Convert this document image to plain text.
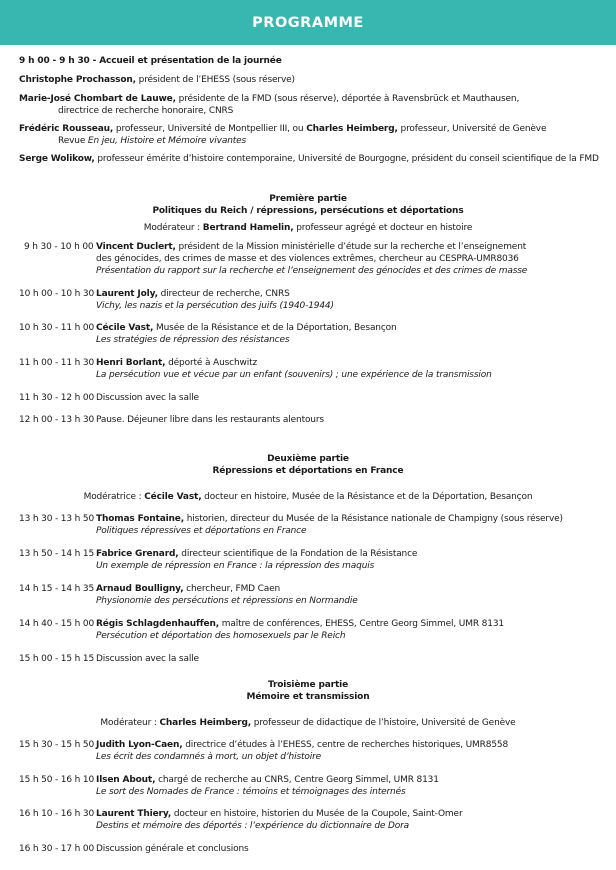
PROGRAMME
9 h 00 - 9 h 30 - Accueil et présentation de la journée
Christophe Prochasson, président de l’EHESS (sous réserve)
Marie-José Chombart de Lauwe, présidente de la FMD (sous réserve), déportée à Ravensbrück et Mauthausen,
directrice de recherche honoraire, CNRS
Frédéric Rousseau, professeur, Université de Montpellier III, ou Charles Heimberg, professeur, Université de Genève
Revue En jeu, Histoire et Mémoire vivantes
Serge Wolikow, professeur émérite d’histoire contemporaine, Université de Bourgogne, président du conseil scientifique de la FMD
Première partie
Politiques du Reich / répressions, persécutions et déportations
Modérateur : Bertrand Hamelin, professeur agrégé et docteur en histoire
9 h 30 - 10 h 00 Vincent Duclert, président de la Mission ministérielle d’étude sur la recherche et l’enseignement
des génocides, des crimes de masse et des violences extrêmes, chercheur au CESPRA-UMR8036
Présentation du rapport sur la recherche et l’enseignement des génocides et des crimes de masse
10 h 00 - 10 h 30 Laurent Joly, directeur de recherche, CNRS
Vichy, les nazis et la persécution des juifs (1940-1944)
10 h 30 - 11 h 00 Cécile Vast, Musée de la Résistance et de la Déportation, Besançon
Les stratégies de répression des résistances
11 h 00 - 11 h 30 Henri Borlant, déporté à Auschwitz
La persécution vue et vécue par un enfant (souvenirs) ; une expérience de la transmission
11 h 30 - 12 h 00 Discussion avec la salle
12 h 00 - 13 h 30 Pause. Déjeuner libre dans les restaurants alentours
Deuxième partie
Répressions et déportations en France
Modératrice : Cécile Vast, docteur en histoire, Musée de la Résistance et de la Déportation, Besançon
13 h 30 - 13 h 50 Thomas Fontaine, historien, directeur du Musée de la Résistance nationale de Champigny (sous réserve)
Politiques répressives et déportations en France
13 h 50 - 14 h 15 Fabrice Grenard, directeur scientifique de la Fondation de la Résistance
Un exemple de répression en France : la répression des maquis
14 h 15 - 14 h 35 Arnaud Boulligny, chercheur, FMD Caen
Physionomie des persécutions et répressions en Normandie
14 h 40 - 15 h 00 Régis Schlagdenhauffen, maître de conférences, EHESS, Centre Georg Simmel, UMR 8131
Persécution et déportation des homosexuels par le Reich
15 h 00 - 15 h 15 Discussion avec la salle
Troisième partie
Mémoire et transmission
Modérateur : Charles Heimberg, professeur de didactique de l’histoire, Université de Genève
15 h 30 - 15 h 50 Judith Lyon-Caen, directrice d’études à l’EHESS, centre de recherches historiques, UMR8558
Les écrit des condamnés à mort, un objet d’histoire
15 h 50 - 16 h 10 Ilsen About, chargé de recherche au CNRS, Centre Georg Simmel, UMR 8131
Le sort des Nomades de France : témoins et témoignages des internés
16 h 10 - 16 h 30 Laurent Thiery, docteur en histoire, historien du Musée de la Coupole, Saint-Omer
Destins et mémoire des déportés : l’expérience du dictionnaire de Dora
16 h 30 - 17 h 00 Discussion générale et conclusions
